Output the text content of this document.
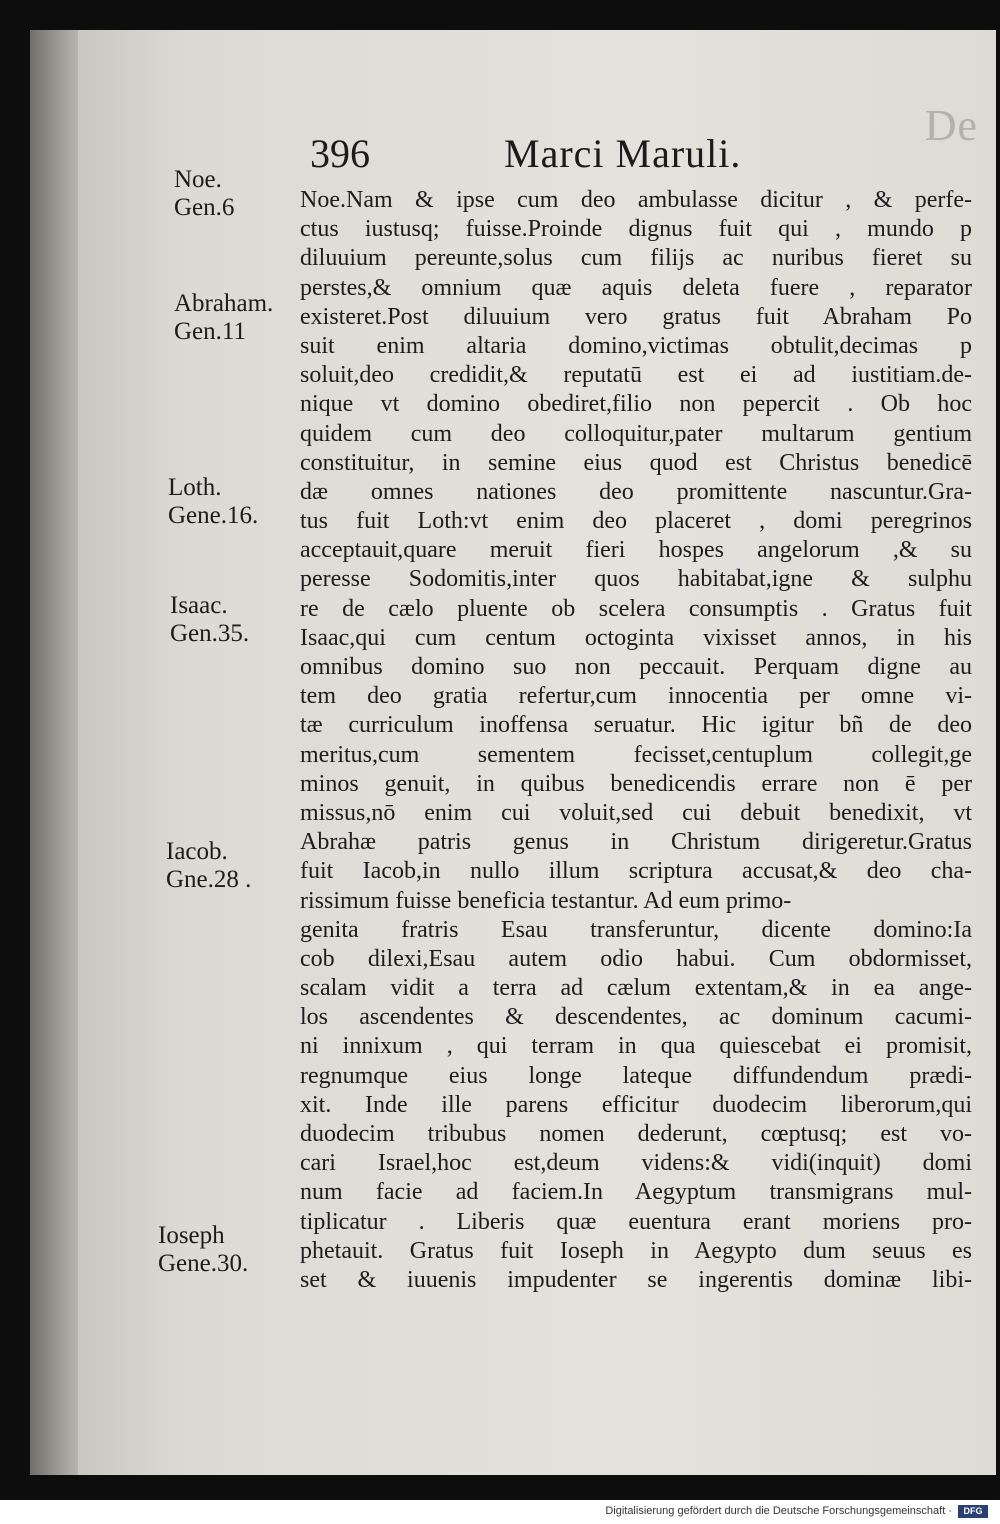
De
396	Marci Maruli.
Noe.
Gen.6
Abraham.
Gen.11
Loth.
Gene.16.
Isaac.
Gen.35.
Iacob.
Gne.28 .
Ioseph
Gene.30.
Noe.Nam & ipse cum deo ambulasse dicitur , & perfe-
ctus iustusq; fuisse.Proinde dignus fuit qui , mundo p
diluuium pereunte,solus cum filijs ac nuribus fieret su
perstes,& omnium quæ aquis deleta fuere , reparator
existeret.Post diluuium vero gratus fuit Abraham Po
suit enim altaria domino,victimas obtulit,decimas p
soluit,deo credidit,& reputatū est ei ad iustitiam.de-
nique vt domino obediret,filio non pepercit . Ob hoc
quidem cum deo colloquitur,pater multarum gentium
constituitur, in semine eius quod est Christus benedicē
dæ omnes nationes deo promittente nascuntur.Gra-
tus fuit Loth:vt enim deo placeret , domi peregrinos
acceptauit,quare meruit fieri hospes angelorum ,& su
peresse Sodomitis,inter quos habitabat,igne & sulphu
re de cælo pluente ob scelera consumptis . Gratus fuit
Isaac,qui cum centum octoginta vixisset annos, in his
omnibus domino suo non peccauit. Perquam digne au
tem deo gratia refertur,cum innocentia per omne vi-
tæ curriculum inoffensa seruatur. Hic igitur bñ de deo
meritus,cum sementem fecisset,centuplum collegit,ge
minos genuit, in quibus benedicendis errare non ē per
missus,nō enim cui voluit,sed cui debuit benedixit, vt
Abrahæ patris genus in Christum dirigeretur.Gratus
fuit Iacob,in nullo illum scriptura accusat,& deo cha-
rissimum fuisse beneficia testantur. Ad eum primo-
genita fratris Esau transferuntur, dicente domino:Ia
cob dilexi,Esau autem odio habui. Cum obdormisset,
scalam vidit a terra ad cælum extentam,& in ea ange-
los ascendentes & descendentes, ac dominum cacumi-
ni innixum , qui terram in qua quiescebat ei promisit,
regnumque eius longe lateque diffundendum prædi-
xit. Inde ille parens efficitur duodecim liberorum,qui
duodecim tribubus nomen dederunt, cœptusq; est vo-
cari Israel,hoc est,deum videns:& vidi(inquit) domi
num facie ad faciem.In Aegyptum transmigrans mul-
tiplicatur . Liberis quæ euentura erant moriens pro-
phetauit. Gratus fuit Ioseph in Aegypto dum seuus es
set & iuuenis impudenter se ingerentis dominæ libi-
Digitalisierung gefördert durch die Deutsche Forschungsgemeinschaft ·	DFG
